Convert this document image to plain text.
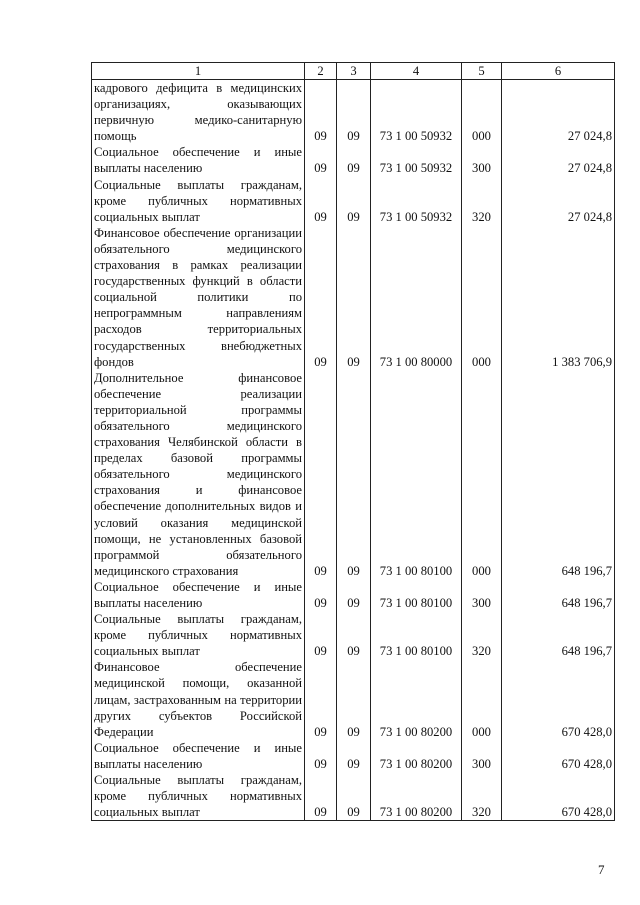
1	2	3	4	5	6
кадрового дефицита в медицинских организациях, оказывающих первичную медико-санитарную помощь	09	09	73 1 00 50932	000	27 024,8
Социальное обеспечение и иные выплаты населению	09	09	73 1 00 50932	300	27 024,8
Социальные выплаты гражданам, кроме публичных нормативных социальных выплат	09	09	73 1 00 50932	320	27 024,8
Финансовое обеспечение организации обязательного медицинского страхования в рамках реализации государственных функций в области социальной политики по непрограммным направлениям расходов территориальных государственных внебюджетных фондов	09	09	73 1 00 80000	000	1 383 706,9
Дополнительное финансовое обеспечение реализации территориальной программы обязательного медицинского страхования Челябинской области в пределах базовой программы обязательного медицинского страхования и финансовое обеспечение дополнительных видов и условий оказания медицинской помощи, не установленных базовой программой обязательного медицинского страхования	09	09	73 1 00 80100	000	648 196,7
Социальное обеспечение и иные выплаты населению	09	09	73 1 00 80100	300	648 196,7
Социальные выплаты гражданам, кроме публичных нормативных социальных выплат	09	09	73 1 00 80100	320	648 196,7
Финансовое обеспечение медицинской помощи, оказанной лицам, застрахованным на территории других субъектов Российской Федерации	09	09	73 1 00 80200	000	670 428,0
Социальное обеспечение и иные выплаты населению	09	09	73 1 00 80200	300	670 428,0
Социальные выплаты гражданам, кроме публичных нормативных социальных выплат	09	09	73 1 00 80200	320	670 428,0
7
